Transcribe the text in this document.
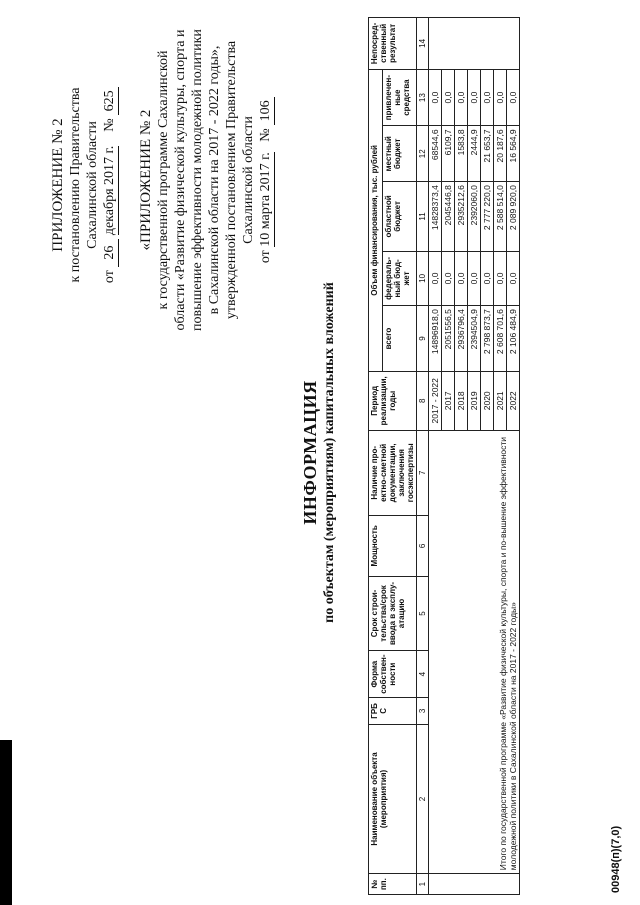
ПРИЛОЖЕНИЕ № 2 к постановлению Правительства Сахалинской области
от 26 декабря 2017 г.    № 625
«ПРИЛОЖЕНИЕ № 2 к государственной программе Сахалинской области «Развитие физической культуры, спорта и повышение эффективности молодежной политики в Сахалинской области на 2017 - 2022 годы», утвержденной постановлением Правительства Сахалинской области
от 10 марта 2017 г.   № 106
ИНФОРМАЦИЯ по объектам (мероприятиям) капитальных вложений
№ пп.	Наименование объекта (мероприятия)	ГРБ С	Форма собствен-ности	Срок строи-тельства/срок ввода в эксплу-атацию	Мощность	Наличие про-ектно-сметной документации, заключения госэкспертизы	Период реализации, годы	Объем финансирования, тыс. рублей					Непосред-ственный результат
								всего	федераль-ный бюд-жет	областной бюджет	местный бюджет	привлечен-ные средства	
1	2	3	4	5	6	7	8	9	10	11	12	13	14
	Итого по государственной программе «Развитие физической культуры, спорта и по-вышение эффективности молодежной политики в Сахалинской области на 2017 - 2022 годы»						2017 - 2022	14896918,0	0,0	14828373,4	68544,6	0,0	
							2017	2051556,5	0,0	2045446,8	6109,7	0,0	
							2018	2936796,4	0,0	2935212,6	1583,8	0,0	
							2019	2394504,9	0,0	2392060,0	2444,9	0,0	
							2020	2 798 873,7	0,0	2 777 220,0	21 653,7	0,0	
							2021	2 608 701,6	0,0	2 588 514,0	20 187,6	0,0	
							2022	2 106 484,9	0,0	2 089 920,0	16 564,9	0,0	
00948(п)(7,0)
